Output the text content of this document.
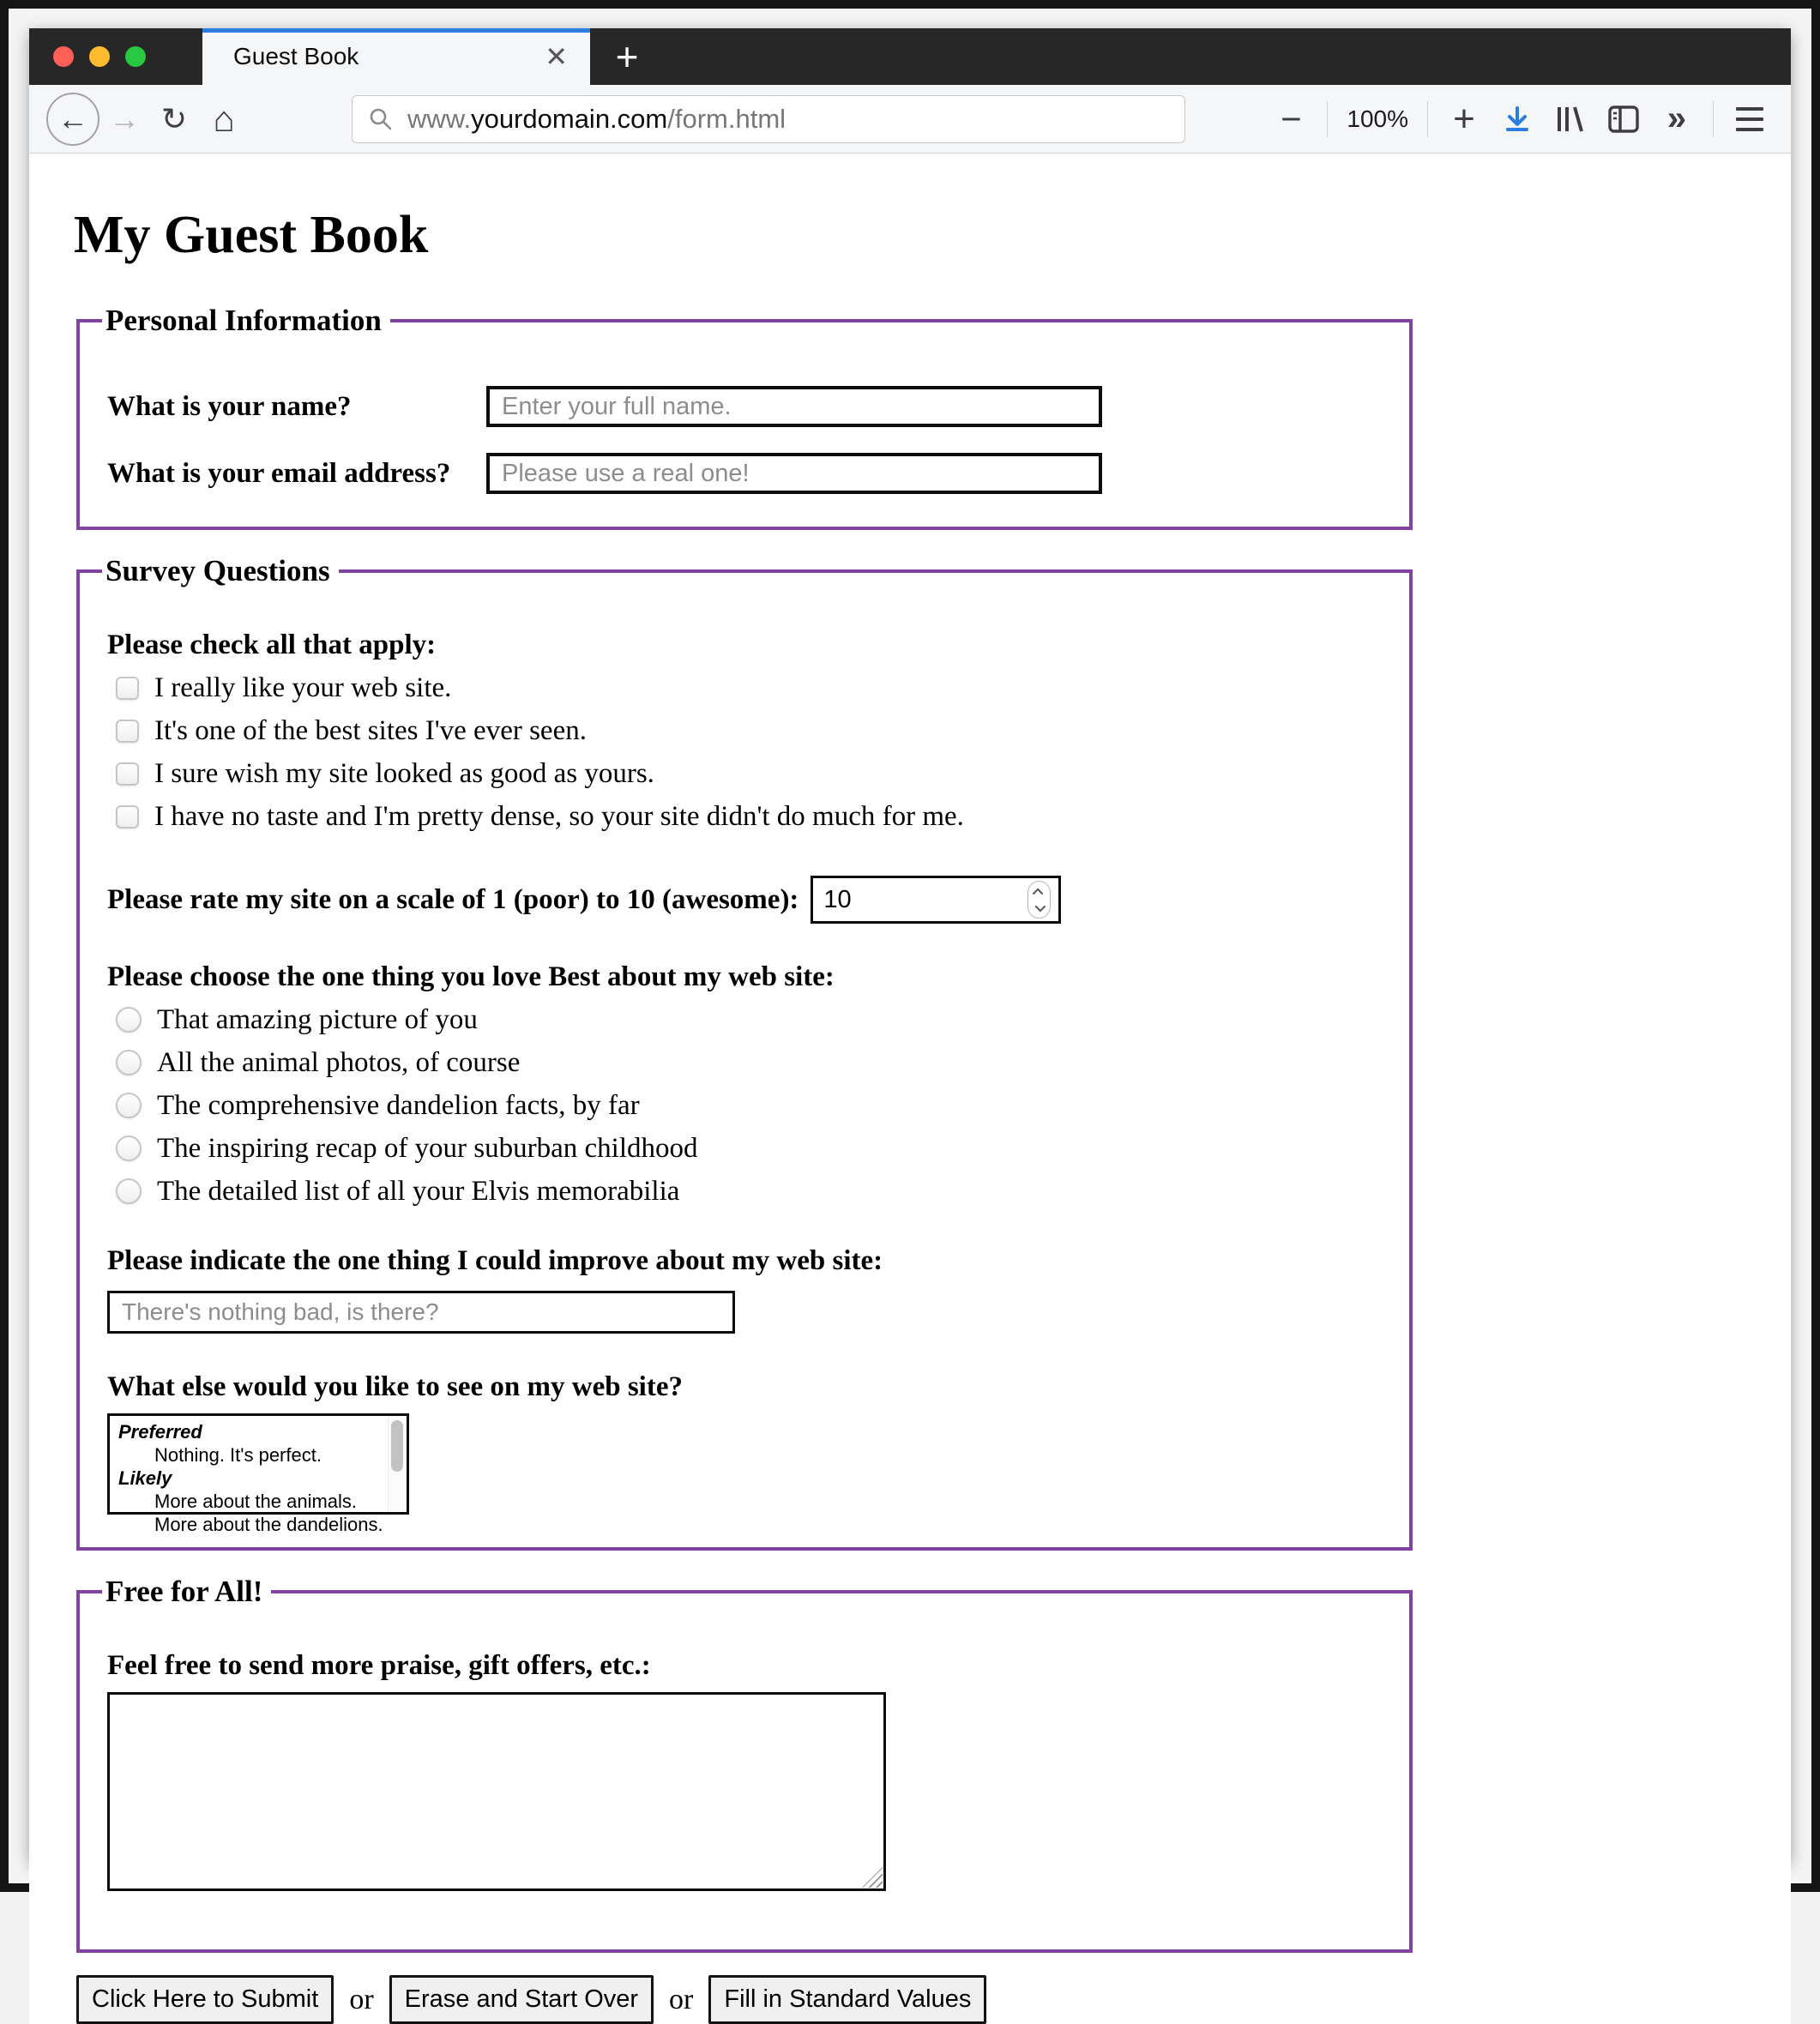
Guest Book	✕	+
← → ↻ ⌂	www.yourdomain.com/form.html	− 100% +	»
My Guest Book
Personal Information
What is your name?
Enter your full name.
What is your email address?
Please use a real one!
Survey Questions
Please check all that apply:
I really like your web site.
It's one of the best sites I've ever seen.
I sure wish my site looked as good as yours.
I have no taste and I'm pretty dense, so your site didn't do much for me.
Please rate my site on a scale of 1 (poor) to 10 (awesome):
10
Please choose the one thing you love Best about my web site:
That amazing picture of you
All the animal photos, of course
The comprehensive dandelion facts, by far
The inspiring recap of your suburban childhood
The detailed list of all your Elvis memorabilia
Please indicate the one thing I could improve about my web site:
There's nothing bad, is there?
What else would you like to see on my web site?
Preferred
Nothing. It's perfect.
Likely
More about the animals.
More about the dandelions.
Free for All!
Feel free to send more praise, gift offers, etc.:
Click Here to Submit	or	Erase and Start Over	or	Fill in Standard Values
